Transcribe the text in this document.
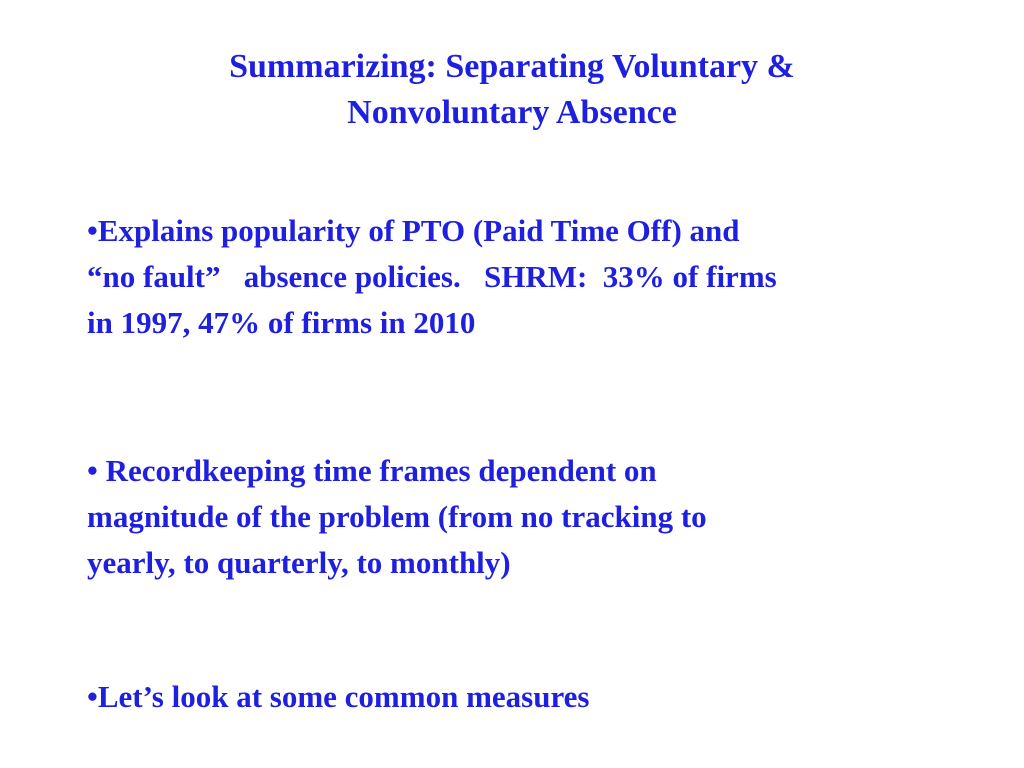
Summarizing: Separating Voluntary &
Nonvoluntary Absence

•Explains popularity of PTO (Paid Time Off) and
“no fault”   absence policies.   SHRM:  33% of firms
in 1997, 47% of firms in 2010

• Recordkeeping time frames dependent on
magnitude of the problem (from no tracking to
yearly, to quarterly, to monthly)

•Let’s look at some common measures
